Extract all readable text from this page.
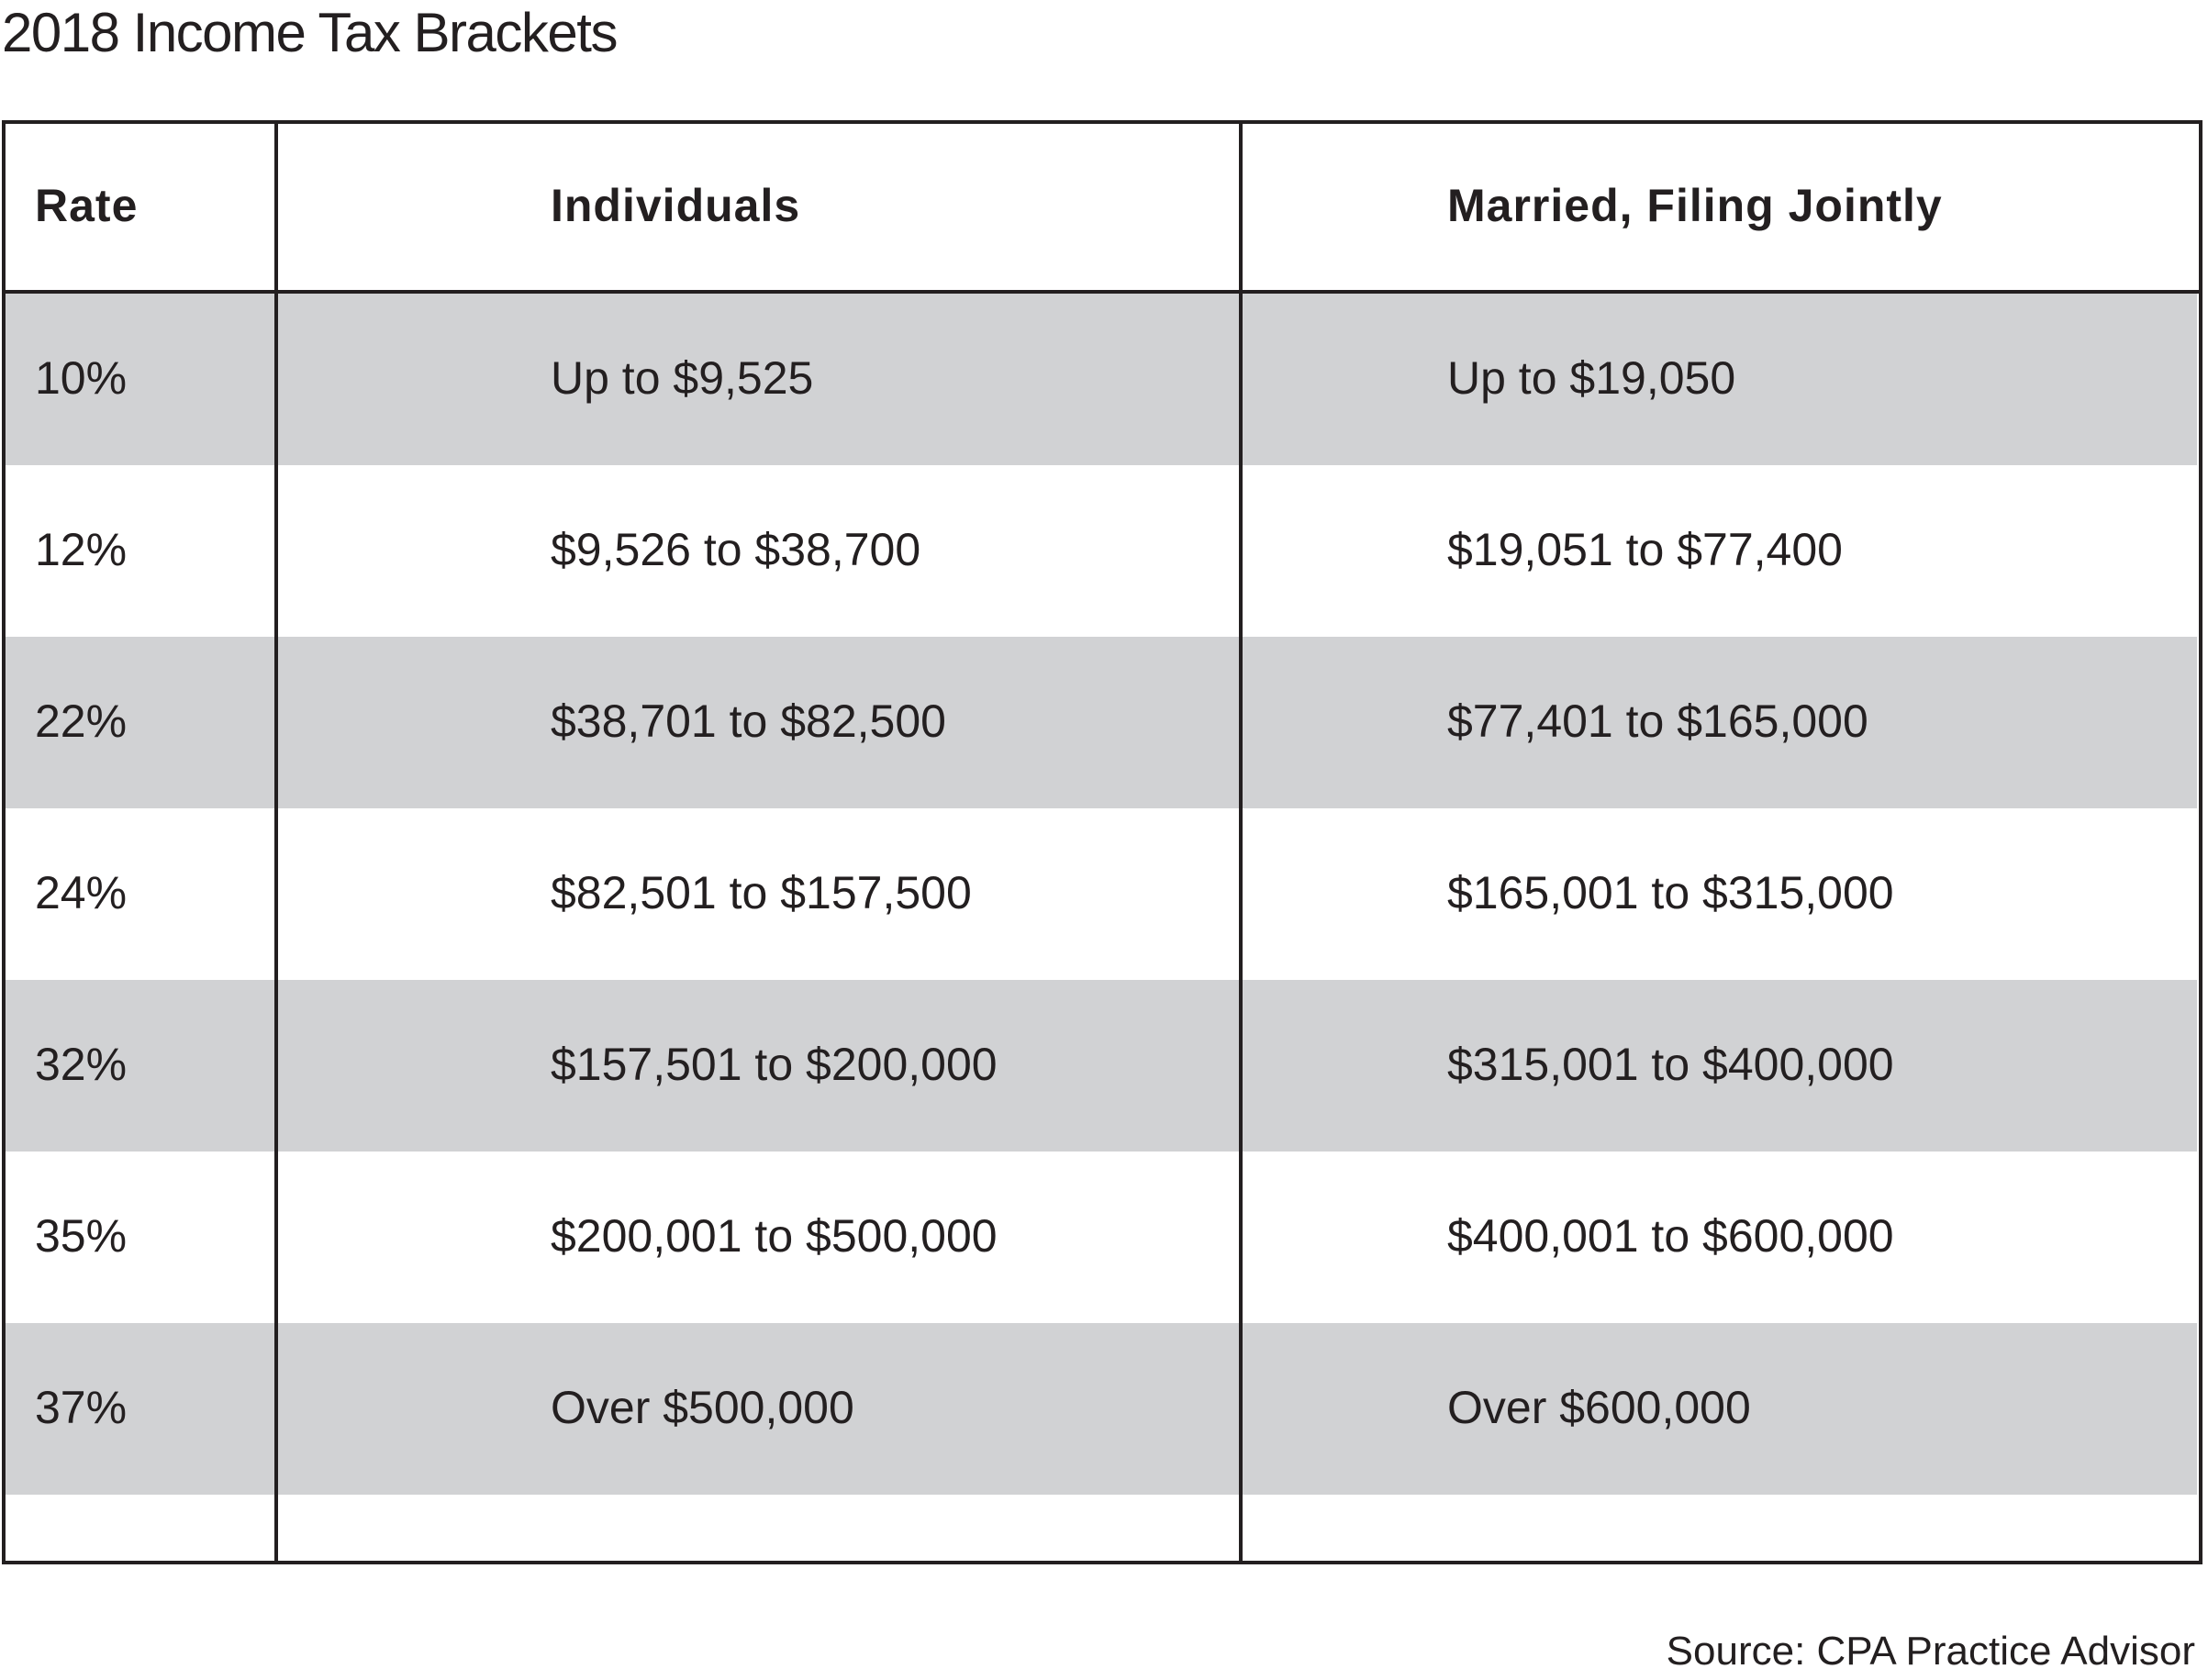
2018 Income Tax Brackets
Rate	Individuals	Married, Filing Jointly
10%	Up to $9,525	Up to $19,050
12%	$9,526 to $38,700	$19,051 to $77,400
22%	$38,701 to $82,500	$77,401 to $165,000
24%	$82,501 to $157,500	$165,001 to $315,000
32%	$157,501 to $200,000	$315,001 to $400,000
35%	$200,001 to $500,000	$400,001 to $600,000
37%	Over $500,000	Over $600,000
Source: CPA Practice Advisor
